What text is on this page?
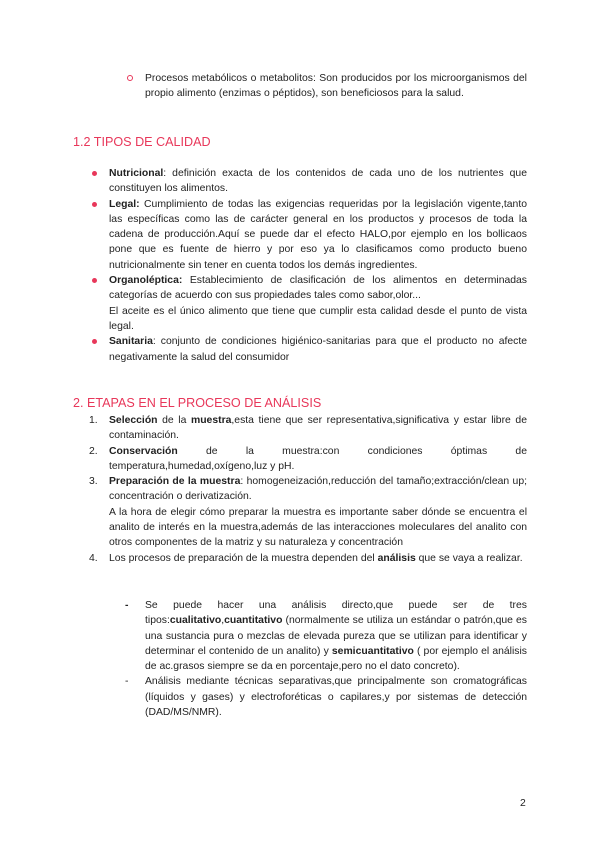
Procesos metabólicos o metabolitos: Son producidos por los microorganismos del propio alimento (enzimas o péptidos), son beneficiosos para la salud.

1.2 TIPOS DE CALIDAD

Nutricional: definición exacta de los contenidos de cada uno de los nutrientes que constituyen los alimentos.

Legal: Cumplimiento de todas las exigencias requeridas por la legislación vigente,tanto las específicas como las de carácter general en los productos y procesos de toda la cadena de producción.Aquí se puede dar el efecto HALO,por ejemplo en los bollicaos pone que es fuente de hierro y por eso ya lo clasificamos como producto bueno nutricionalmente sin tener en cuenta todos los demás ingredientes.

Organoléptica: Establecimiento de clasificación de los alimentos en determinadas categorías de acuerdo con sus propiedades tales como sabor,olor...

El aceite es el único alimento que tiene que cumplir esta calidad desde el punto de vista legal.

Sanitaria: conjunto de condiciones higiénico-sanitarias para que el producto no afecte negativamente la salud del consumidor

2. ETAPAS EN EL PROCESO DE ANÁLISIS
1.	Selección de la muestra,esta tiene que ser representativa,significativa y estar libre de contaminación.

2.	Conservación de la muestra:con condiciones óptimas de temperatura,humedad,oxígeno,luz y pH.

3.	Preparación de la muestra: homogeneización,reducción del tamaño;extracción/clean up; concentración o derivatización.

A la hora de elegir cómo preparar la muestra es importante saber dónde se encuentra el analito de interés en la muestra,además de las interacciones moleculares del analito con otros componentes de la matriz y su naturaleza y concentración

4.	Los procesos de preparación de la muestra dependen del análisis que se vaya a realizar.

- Se puede hacer una análisis directo,que puede ser de tres tipos:cualitativo,cuantitativo (normalmente se utiliza un estándar o patrón,que es una sustancia pura o mezclas de elevada pureza que se utilizan para identificar y determinar el contenido de un analito) y semicuantitativo ( por ejemplo el análisis de ac.grasos siempre se da en porcentaje,pero no el dato concreto).

- Análisis mediante técnicas separativas,que principalmente son cromatográficas (líquidos y gases) y electroforéticas o capilares,y por sistemas de detección (DAD/MS/NMR).

2
